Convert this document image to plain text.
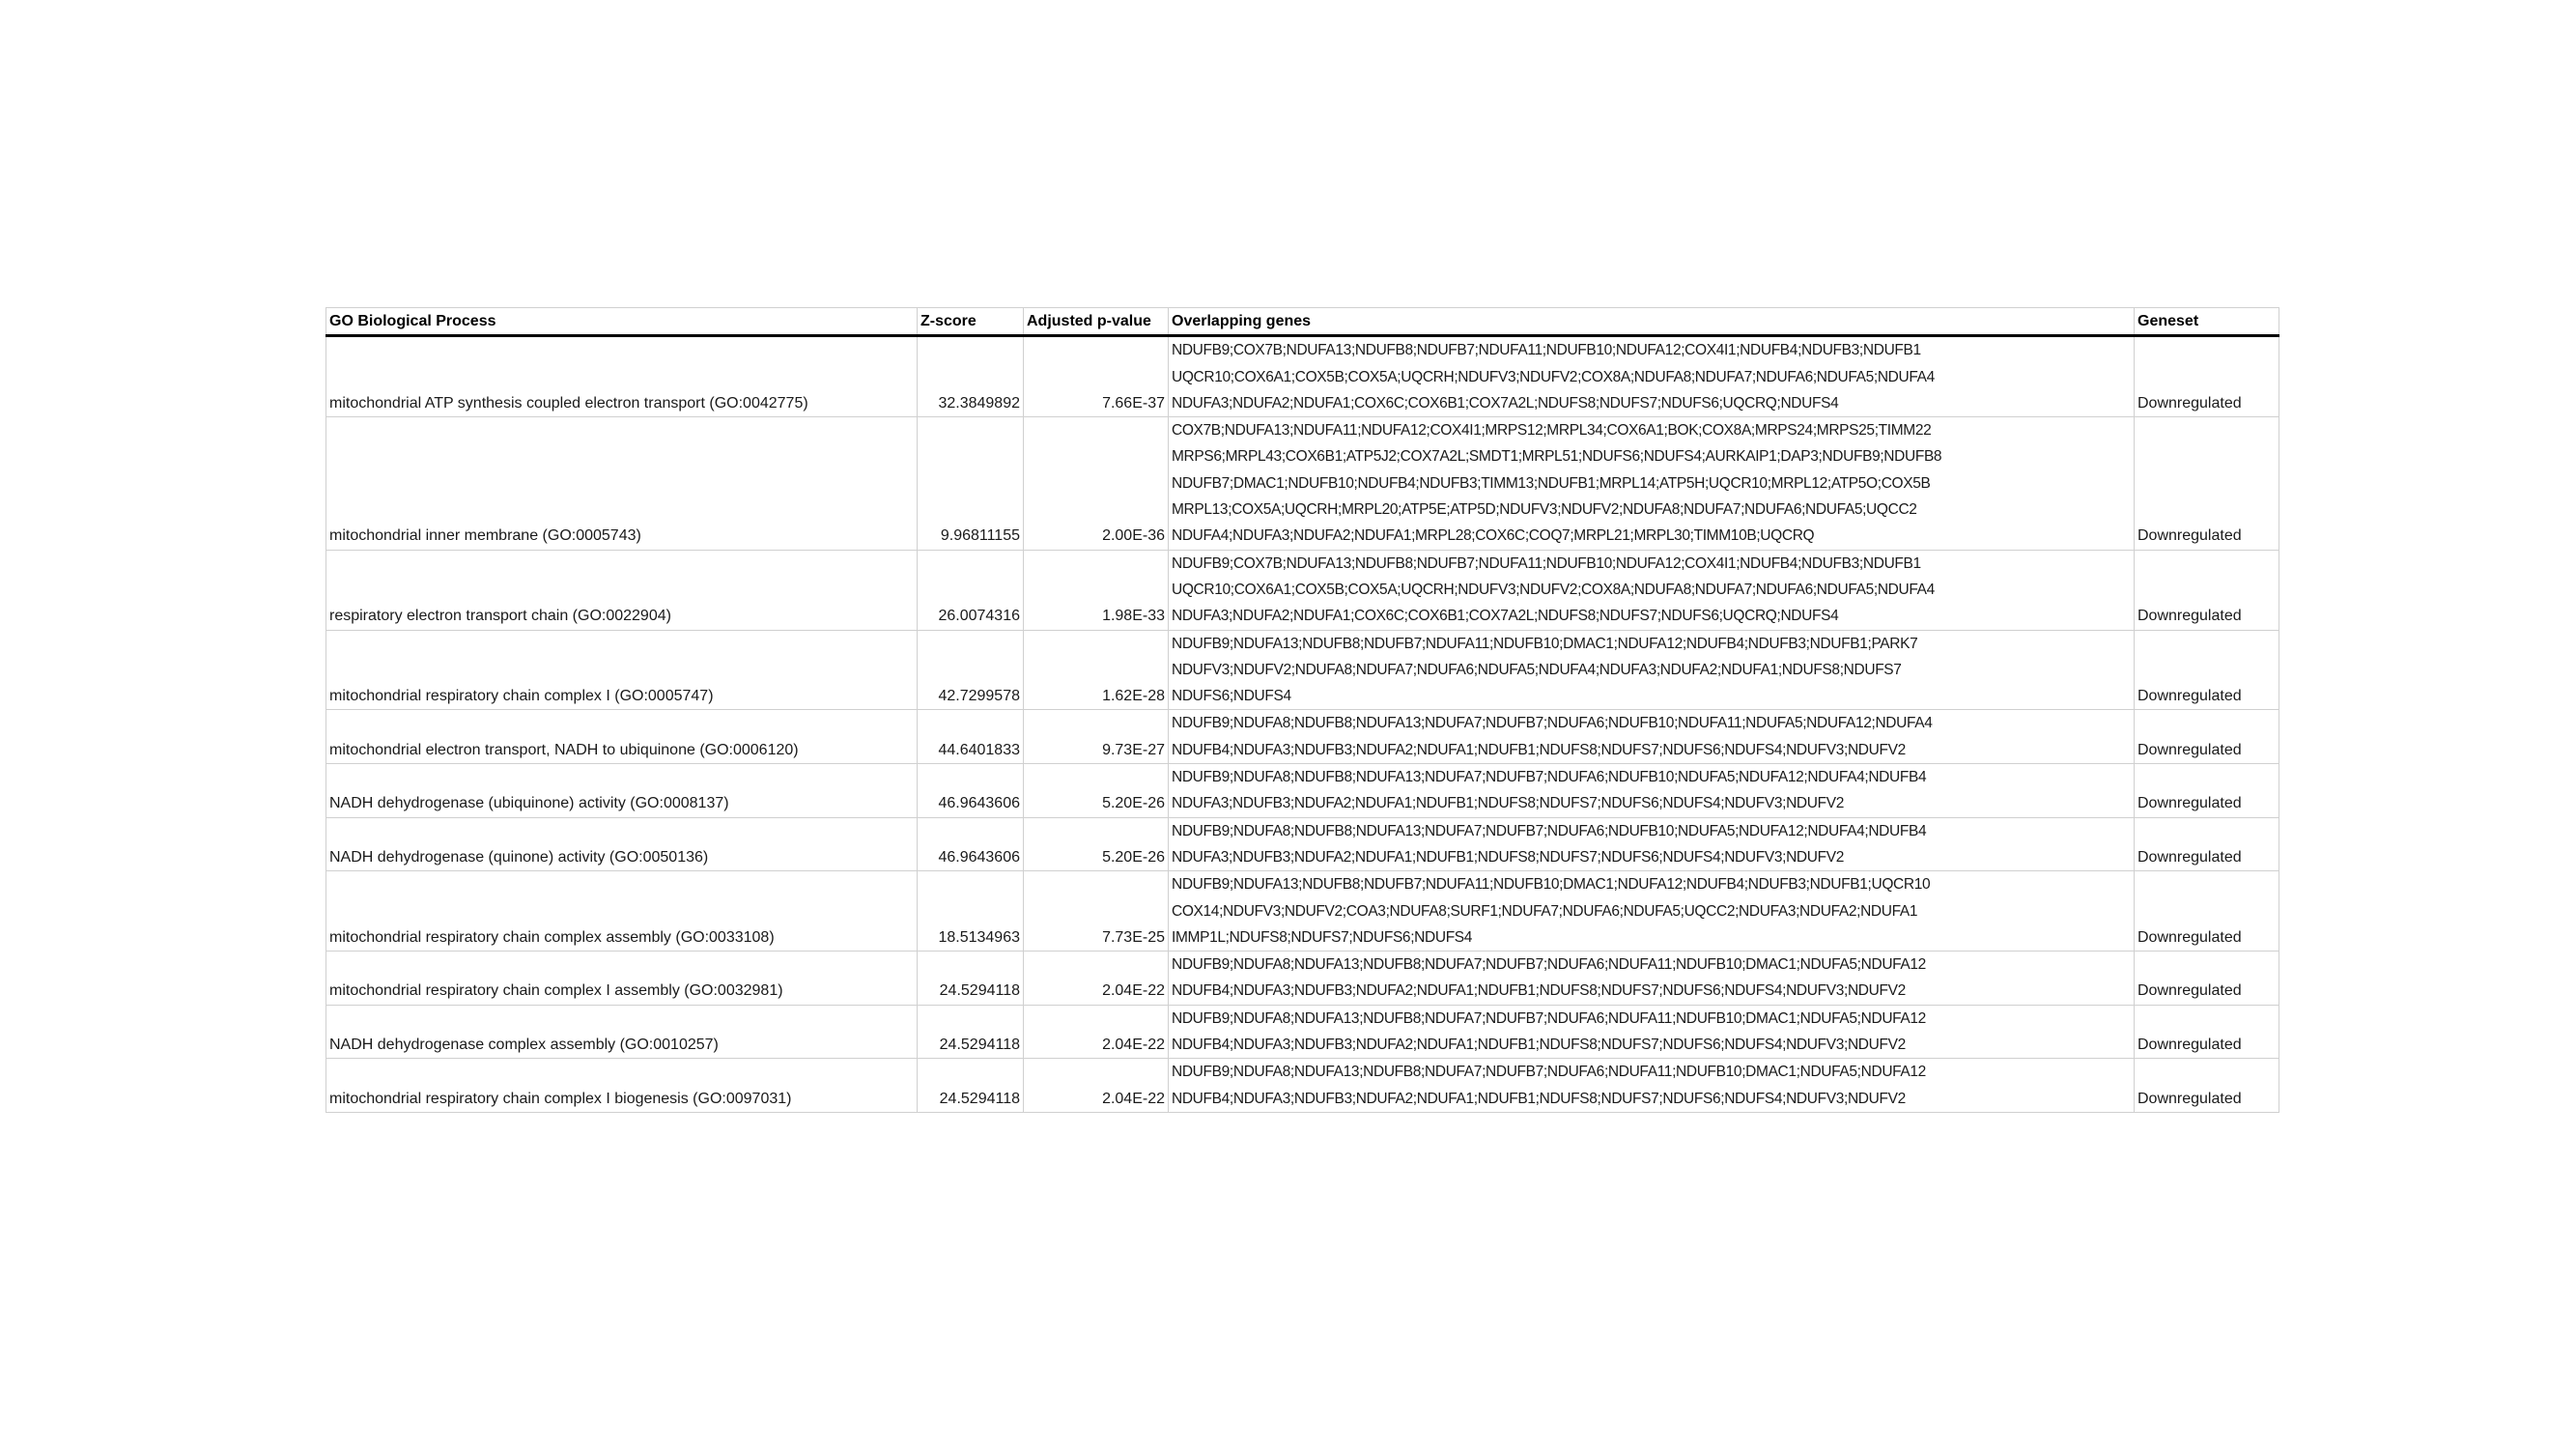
GO Biological Process	Z-score	Adjusted p-value	Overlapping genes	Geneset
mitochondrial ATP synthesis coupled electron transport (GO:0042775)	32.3849892	7.66E-37	NDUFB9;COX7B;NDUFA13;NDUFB8;NDUFB7;NDUFA11;NDUFB10;NDUFA12;COX4I1;NDUFB4;NDUFB3;NDUFB1
UQCR10;COX6A1;COX5B;COX5A;UQCRH;NDUFV3;NDUFV2;COX8A;NDUFA8;NDUFA7;NDUFA6;NDUFA5;NDUFA4
NDUFA3;NDUFA2;NDUFA1;COX6C;COX6B1;COX7A2L;NDUFS8;NDUFS7;NDUFS6;UQCRQ;NDUFS4	Downregulated
mitochondrial inner membrane (GO:0005743)	9.96811155	2.00E-36	COX7B;NDUFA13;NDUFA11;NDUFA12;COX4I1;MRPS12;MRPL34;COX6A1;BOK;COX8A;MRPS24;MRPS25;TIMM22
MRPS6;MRPL43;COX6B1;ATP5J2;COX7A2L;SMDT1;MRPL51;NDUFS6;NDUFS4;AURKAIP1;DAP3;NDUFB9;NDUFB8
NDUFB7;DMAC1;NDUFB10;NDUFB4;NDUFB3;TIMM13;NDUFB1;MRPL14;ATP5H;UQCR10;MRPL12;ATP5O;COX5B
MRPL13;COX5A;UQCRH;MRPL20;ATP5E;ATP5D;NDUFV3;NDUFV2;NDUFA8;NDUFA7;NDUFA6;NDUFA5;UQCC2
NDUFA4;NDUFA3;NDUFA2;NDUFA1;MRPL28;COX6C;COQ7;MRPL21;MRPL30;TIMM10B;UQCRQ	Downregulated
respiratory electron transport chain (GO:0022904)	26.0074316	1.98E-33	NDUFB9;COX7B;NDUFA13;NDUFB8;NDUFB7;NDUFA11;NDUFB10;NDUFA12;COX4I1;NDUFB4;NDUFB3;NDUFB1
UQCR10;COX6A1;COX5B;COX5A;UQCRH;NDUFV3;NDUFV2;COX8A;NDUFA8;NDUFA7;NDUFA6;NDUFA5;NDUFA4
NDUFA3;NDUFA2;NDUFA1;COX6C;COX6B1;COX7A2L;NDUFS8;NDUFS7;NDUFS6;UQCRQ;NDUFS4	Downregulated
mitochondrial respiratory chain complex I (GO:0005747)	42.7299578	1.62E-28	NDUFB9;NDUFA13;NDUFB8;NDUFB7;NDUFA11;NDUFB10;DMAC1;NDUFA12;NDUFB4;NDUFB3;NDUFB1;PARK7
NDUFV3;NDUFV2;NDUFA8;NDUFA7;NDUFA6;NDUFA5;NDUFA4;NDUFA3;NDUFA2;NDUFA1;NDUFS8;NDUFS7
NDUFS6;NDUFS4	Downregulated
mitochondrial electron transport, NADH to ubiquinone (GO:0006120)	44.6401833	9.73E-27	NDUFB9;NDUFA8;NDUFB8;NDUFA13;NDUFA7;NDUFB7;NDUFA6;NDUFB10;NDUFA11;NDUFA5;NDUFA12;NDUFA4
NDUFB4;NDUFA3;NDUFB3;NDUFA2;NDUFA1;NDUFB1;NDUFS8;NDUFS7;NDUFS6;NDUFS4;NDUFV3;NDUFV2	Downregulated
NADH dehydrogenase (ubiquinone) activity (GO:0008137)	46.9643606	5.20E-26	NDUFB9;NDUFA8;NDUFB8;NDUFA13;NDUFA7;NDUFB7;NDUFA6;NDUFB10;NDUFA5;NDUFA12;NDUFA4;NDUFB4
NDUFA3;NDUFB3;NDUFA2;NDUFA1;NDUFB1;NDUFS8;NDUFS7;NDUFS6;NDUFS4;NDUFV3;NDUFV2	Downregulated
NADH dehydrogenase (quinone) activity (GO:0050136)	46.9643606	5.20E-26	NDUFB9;NDUFA8;NDUFB8;NDUFA13;NDUFA7;NDUFB7;NDUFA6;NDUFB10;NDUFA5;NDUFA12;NDUFA4;NDUFB4
NDUFA3;NDUFB3;NDUFA2;NDUFA1;NDUFB1;NDUFS8;NDUFS7;NDUFS6;NDUFS4;NDUFV3;NDUFV2	Downregulated
mitochondrial respiratory chain complex assembly (GO:0033108)	18.5134963	7.73E-25	NDUFB9;NDUFA13;NDUFB8;NDUFB7;NDUFA11;NDUFB10;DMAC1;NDUFA12;NDUFB4;NDUFB3;NDUFB1;UQCR10
COX14;NDUFV3;NDUFV2;COA3;NDUFA8;SURF1;NDUFA7;NDUFA6;NDUFA5;UQCC2;NDUFA3;NDUFA2;NDUFA1
IMMP1L;NDUFS8;NDUFS7;NDUFS6;NDUFS4	Downregulated
mitochondrial respiratory chain complex I assembly (GO:0032981)	24.5294118	2.04E-22	NDUFB9;NDUFA8;NDUFA13;NDUFB8;NDUFA7;NDUFB7;NDUFA6;NDUFA11;NDUFB10;DMAC1;NDUFA5;NDUFA12
NDUFB4;NDUFA3;NDUFB3;NDUFA2;NDUFA1;NDUFB1;NDUFS8;NDUFS7;NDUFS6;NDUFS4;NDUFV3;NDUFV2	Downregulated
NADH dehydrogenase complex assembly (GO:0010257)	24.5294118	2.04E-22	NDUFB9;NDUFA8;NDUFA13;NDUFB8;NDUFA7;NDUFB7;NDUFA6;NDUFA11;NDUFB10;DMAC1;NDUFA5;NDUFA12
NDUFB4;NDUFA3;NDUFB3;NDUFA2;NDUFA1;NDUFB1;NDUFS8;NDUFS7;NDUFS6;NDUFS4;NDUFV3;NDUFV2	Downregulated
mitochondrial respiratory chain complex I biogenesis (GO:0097031)	24.5294118	2.04E-22	NDUFB9;NDUFA8;NDUFA13;NDUFB8;NDUFA7;NDUFB7;NDUFA6;NDUFA11;NDUFB10;DMAC1;NDUFA5;NDUFA12
NDUFB4;NDUFA3;NDUFB3;NDUFA2;NDUFA1;NDUFB1;NDUFS8;NDUFS7;NDUFS6;NDUFS4;NDUFV3;NDUFV2	Downregulated
